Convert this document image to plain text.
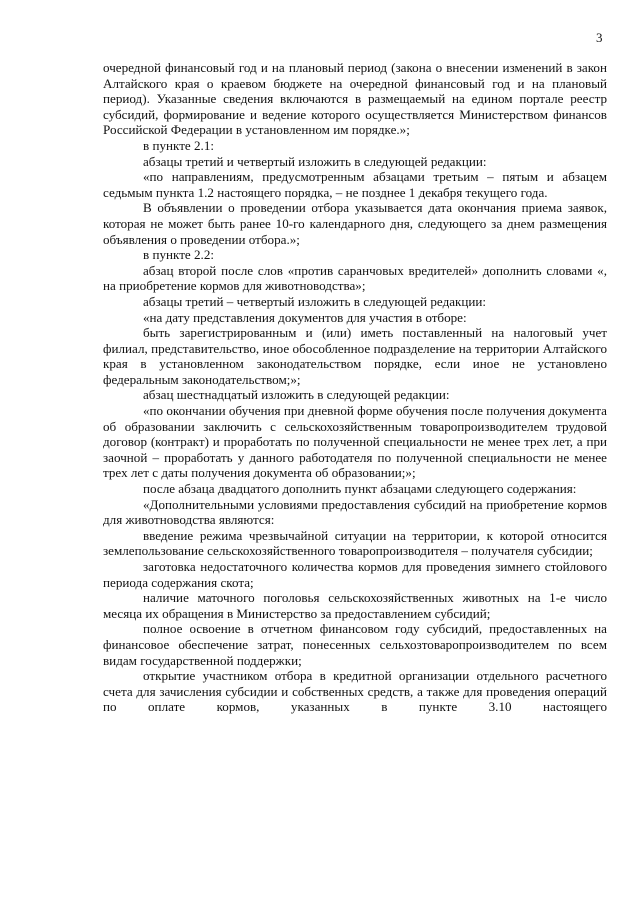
3

очередной финансовый год и на плановый период (закона о внесении изменений в закон Алтайского края о краевом бюджете на очередной финансовый год и на плановый период). Указанные сведения включаются в размещаемый на едином портале реестр субсидий, формирование и ведение которого осуществляется Министерством финансов Российской Федерации в установленном им порядке.»;

в пункте 2.1:

абзацы третий и четвертый изложить в следующей редакции:

«по направлениям, предусмотренным абзацами третьим – пятым и абзацем седьмым пункта 1.2 настоящего порядка, – не позднее 1 декабря текущего года.

В объявлении о проведении отбора указывается дата окончания приема заявок, которая не может быть ранее 10-го календарного дня, следующего за днем размещения объявления о проведении отбора.»;

в пункте 2.2:

абзац второй после слов «против саранчовых вредителей» дополнить словами «, на приобретение кормов для животноводства»;

абзацы третий – четвертый изложить в следующей редакции:

«на дату представления документов для участия в отборе:

быть зарегистрированным и (или) иметь поставленный на налоговый учет филиал, представительство, иное обособленное подразделение на территории Алтайского края в установленном законодательством порядке, если иное не установлено федеральным законодательством;»;

абзац шестнадцатый изложить в следующей редакции:

«по окончании обучения при дневной форме обучения после получения документа об образовании заключить с сельскохозяйственным товаропроизводителем трудовой договор (контракт) и проработать по полученной специальности не менее трех лет, а при заочной – проработать у данного работодателя по полученной специальности не менее трех лет с даты получения документа об образовании;»;

после абзаца двадцатого дополнить пункт абзацами следующего содержания:

«Дополнительными условиями предоставления субсидий на приобретение кормов для животноводства являются:

введение режима чрезвычайной ситуации на территории, к которой относится землепользование сельскохозяйственного товаропроизводителя – получателя субсидии;

заготовка недостаточного количества кормов для проведения зимнего стойлового периода содержания скота;

наличие маточного поголовья сельскохозяйственных животных на 1-е число месяца их обращения в Министерство за предоставлением субсидий;

полное освоение в отчетном финансовом году субсидий, предоставленных на финансовое обеспечение затрат, понесенных сельхозтоваропроизводителем по всем видам государственной поддержки;

открытие участником отбора в кредитной организации отдельного расчетного счета для зачисления субсидии и собственных средств, а также для проведения операций по оплате кормов, указанных в пункте 3.10 настоящего
